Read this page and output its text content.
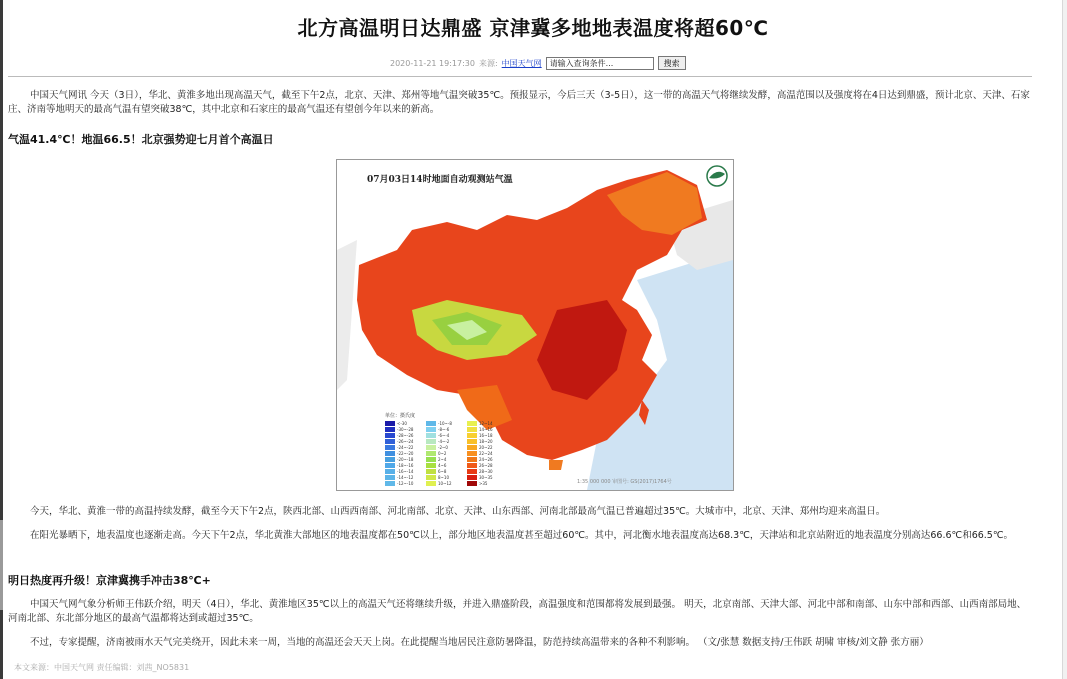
北方高温明日达鼎盛 京津冀多地地表温度将超60℃
2020-11-21 19:17:30 来源: 中国天气网
请输入查询条件...	搜索
中国天气网讯 今天（3日），华北、黄淮多地出现高温天气，截至下午2点，北京、天津、郑州等地气温突破35℃。预报显示，今后三天（3-5日），这一带的高温天气将继续发酵，高温范围以及强度将在4日达到鼎盛，预计北京、天津、石家庄、济南等地明天的最高气温有望突破38℃，其中北京和石家庄的最高气温还有望创今年以来的新高。
气温41.4℃！地温66.5！北京强势迎七月首个高温日
07月03日14时地面自动观测站气温
单位：摄氏度
<-30	-10~-8	12~14
-30~-28	-8~-6	14~16
-28~-26	-6~-4	16~18
-26~-24	-4~-2	18~20
-24~-22	-2~0	20~22
-22~-20	0~2	22~24
-20~-18	2~4	24~26
-18~-16	4~6	26~28
-16~-14	6~8	28~30
-14~-12	8~10	30~35
-12~-10	10~12	>35	1:35 000 000 审图号: GS(2017)1764号
今天，华北、黄淮一带的高温持续发酵，截至今天下午2点，陕西北部、山西西南部、河北南部、北京、天津、山东西部、河南北部最高气温已普遍超过35℃。大城市中，北京、天津、郑州均迎来高温日。
在阳光暴晒下，地表温度也逐渐走高。今天下午2点，华北黄淮大部地区的地表温度都在50℃以上，部分地区地表温度甚至超过60℃。其中，河北衡水地表温度高达68.3℃，天津站和北京站附近的地表温度分别高达66.6℃和66.5℃。
明日热度再升级！京津冀携手冲击38℃+
中国天气网气象分析师王伟跃介绍，明天（4日），华北、黄淮地区35℃以上的高温天气还将继续升级，并进入鼎盛阶段，高温强度和范围都将发展到最强。 明天，北京南部、天津大部、河北中部和南部、山东中部和西部、山西南部局地、河南北部、东北部分地区的最高气温都将达到或超过35℃。
不过，专家提醒，济南被雨水天气完美绕开，因此未来一周，当地的高温还会天天上岗。在此提醒当地居民注意防暑降温，防范持续高温带来的各种不利影响。 （文/张慧 数据支持/王伟跃 胡啸 审核/刘文静 张方丽）
本文来源：中国天气网 责任编辑：刘茜_NO5831
